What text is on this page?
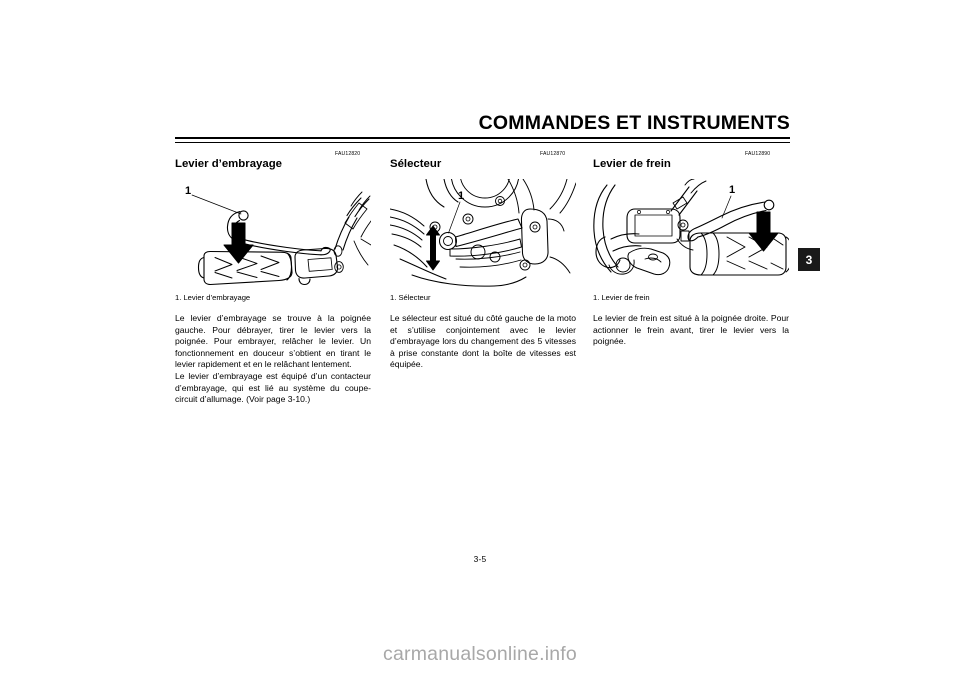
COMMANDES ET INSTRUMENTS
3
FAU12820
Levier d’embrayage
1
1. Levier d’embrayage

Le levier d’embrayage se trouve à la poignée gauche. Pour débrayer, tirer le levier vers la poignée. Pour embrayer, relâcher le levier. Un fonctionnement en douceur s’obtient en tirant le levier rapidement et en le relâchant lentement.

Le levier d’embrayage est équipé d’un contacteur d’embrayage, qui est lié au système du coupe-circuit d’allumage. (Voir page 3-10.)

FAU12870
Sélecteur
1
1. Sélecteur

Le sélecteur est situé du côté gauche de la moto et s’utilise conjointement avec le levier d’embrayage lors du changement des 5 vitesses à prise constante dont la boîte de vitesses est équipée.

FAU12890
Levier de frein
1
1. Levier de frein

Le levier de frein est situé à la poignée droite. Pour actionner le frein avant, tirer le levier vers la poignée.

3-5
carmanualsonline.info
